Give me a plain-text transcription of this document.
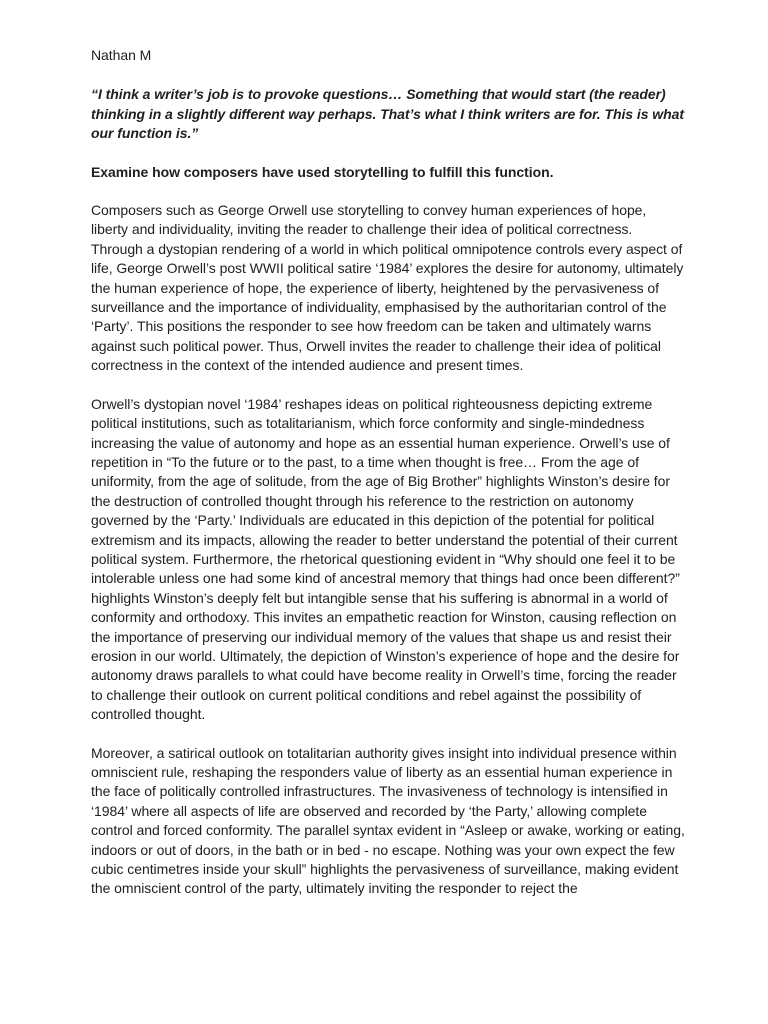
Nathan M

“I think a writer’s job is to provoke questions… Something that would start (the reader) thinking in a slightly different way perhaps. That’s what I think writers are for. This is what our function is.”

Examine how composers have used storytelling to fulfill this function.

Composers such as George Orwell use storytelling to convey human experiences of hope, liberty and individuality, inviting the reader to challenge their idea of political correctness. Through a dystopian rendering of a world in which political omnipotence controls every aspect of life, George Orwell’s post WWII political satire ‘1984’ explores the desire for autonomy, ultimately the human experience of hope, the experience of liberty, heightened by the pervasiveness of surveillance and the importance of individuality, emphasised by the authoritarian control of the ‘Party’. This positions the responder to see how freedom can be taken and ultimately warns against such political power. Thus, Orwell invites the reader to challenge their idea of political correctness in the context of the intended audience and present times.

Orwell’s dystopian novel ‘1984’ reshapes ideas on political righteousness depicting extreme political institutions, such as totalitarianism, which force conformity and single-mindedness increasing the value of autonomy and hope as an essential human experience. Orwell’s use of repetition in “To the future or to the past, to a time when thought is free… From the age of uniformity, from the age of solitude, from the age of Big Brother” highlights Winston’s desire for the destruction of controlled thought through his reference to the restriction on autonomy governed by the ‘Party.’ Individuals are educated in this depiction of the potential for political extremism and its impacts, allowing the reader to better understand the potential of their current political system. Furthermore, the rhetorical questioning evident in “Why should one feel it to be intolerable unless one had some kind of ancestral memory that things had once been different?” highlights Winston’s deeply felt but intangible sense that his suffering is abnormal in a world of conformity and orthodoxy. This invites an empathetic reaction for Winston, causing reflection on the importance of preserving our individual memory of the values that shape us and resist their erosion in our world. Ultimately, the depiction of Winston’s experience of hope and the desire for autonomy draws parallels to what could have become reality in Orwell’s time, forcing the reader to challenge their outlook on current political conditions and rebel against the possibility of controlled thought.

Moreover, a satirical outlook on totalitarian authority gives insight into individual presence within omniscient rule, reshaping the responders value of liberty as an essential human experience in the face of politically controlled infrastructures. The invasiveness of technology is intensified in ‘1984’ where all aspects of life are observed and recorded by ‘the Party,’ allowing complete control and forced conformity. The parallel syntax evident in “Asleep or awake, working or eating, indoors or out of doors, in the bath or in bed - no escape. Nothing was your own expect the few cubic centimetres inside your skull” highlights the pervasiveness of surveillance, making evident the omniscient control of the party, ultimately inviting the responder to reject the
